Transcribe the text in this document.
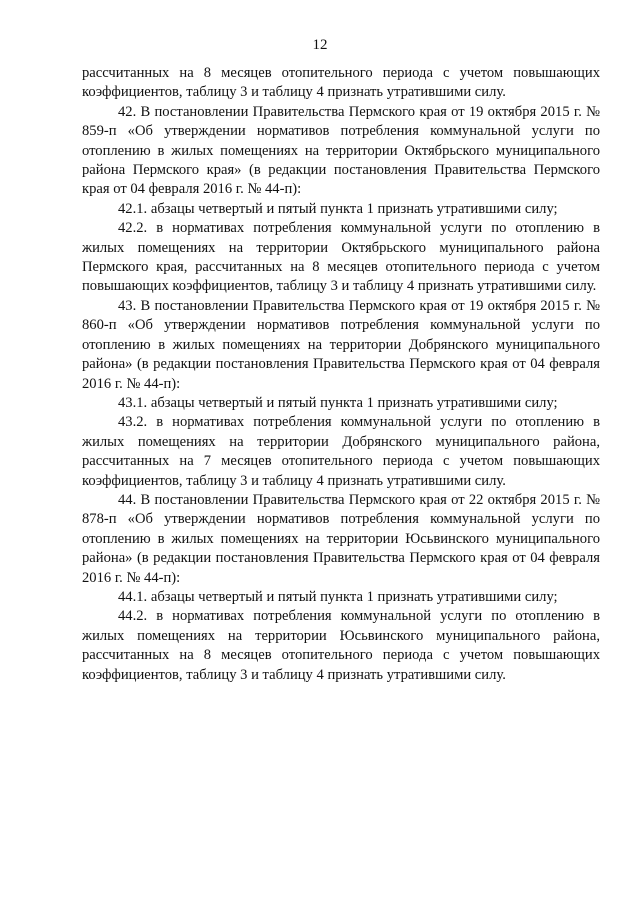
12

рассчитанных на 8 месяцев отопительного периода с учетом повышающих коэффициентов, таблицу 3 и таблицу 4 признать утратившими силу.

42. В постановлении Правительства Пермского края от 19 октября 2015 г. № 859-п «Об утверждении нормативов потребления коммунальной услуги по отоплению в жилых помещениях на территории Октябрьского муниципального района Пермского края» (в редакции постановления Правительства Пермского края от 04 февраля 2016 г. № 44-п):

42.1. абзацы четвертый и пятый пункта 1 признать утратившими силу;

42.2. в нормативах потребления коммунальной услуги по отоплению в жилых помещениях на территории Октябрьского муниципального района Пермского края, рассчитанных на 8 месяцев отопительного периода с учетом повышающих коэффициентов, таблицу 3 и таблицу 4 признать утратившими силу.

43. В постановлении Правительства Пермского края от 19 октября 2015 г. № 860-п «Об утверждении нормативов потребления коммунальной услуги по отоплению в жилых помещениях на территории Добрянского муниципального района» (в редакции постановления Правительства Пермского края от 04 февраля 2016 г. № 44-п):

43.1. абзацы четвертый и пятый пункта 1 признать утратившими силу;

43.2. в нормативах потребления коммунальной услуги по отоплению в жилых помещениях на территории Добрянского муниципального района, рассчитанных на 7 месяцев отопительного периода с учетом повышающих коэффициентов, таблицу 3 и таблицу 4 признать утратившими силу.

44. В постановлении Правительства Пермского края от 22 октября 2015 г. № 878-п «Об утверждении нормативов потребления коммунальной услуги по отоплению в жилых помещениях на территории Юсьвинского муниципального района» (в редакции постановления Правительства Пермского края от 04 февраля 2016 г. № 44-п):

44.1. абзацы четвертый и пятый пункта 1 признать утратившими силу;

44.2. в нормативах потребления коммунальной услуги по отоплению в жилых помещениях на территории Юсьвинского муниципального района, рассчитанных на 8 месяцев отопительного периода с учетом повышающих коэффициентов, таблицу 3 и таблицу 4 признать утратившими силу.
